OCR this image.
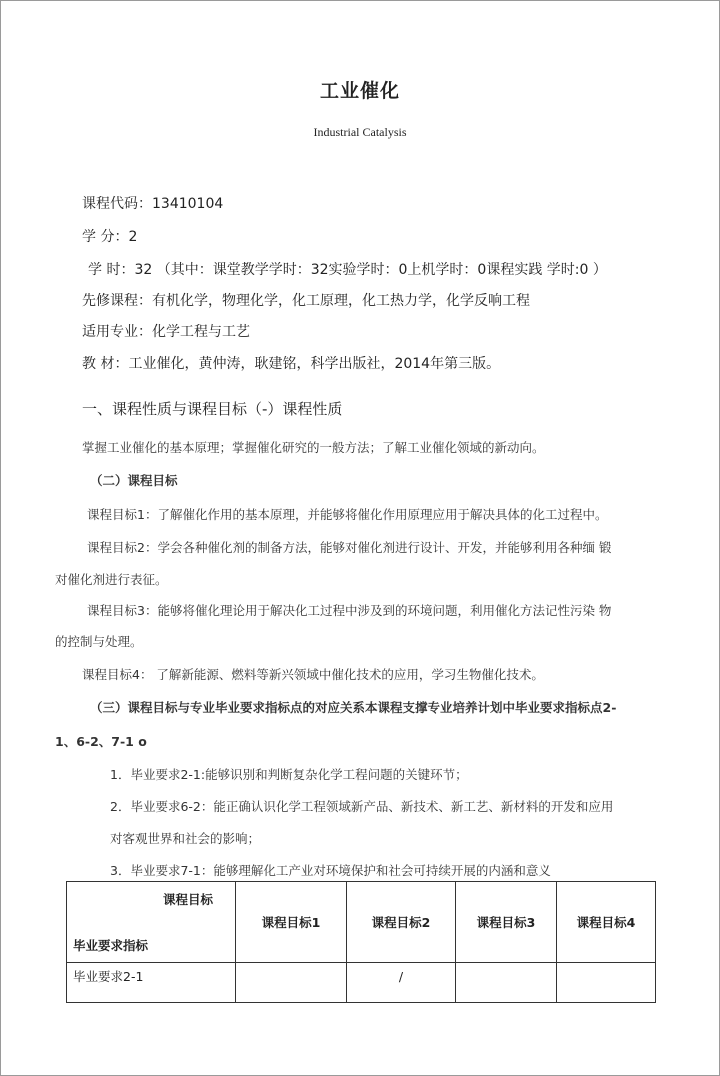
工业催化
Industrial Catalysis
课程代码：13410104
学 分：2
学 时：32 （其中：课堂教学学时：32实验学时：0上机学时：0课程实践 学时:0 ）
先修课程：有机化学，物理化学，化工原理，化工热力学，化学反响工程
适用专业：化学工程与工艺
教 材：工业催化，黄仲涛，耿建铭，科学出版社，2014年第三版。
一、课程性质与课程目标（-）课程性质
掌握工业催化的基本原理；掌握催化研究的一般方法；了解工业催化领域的新动向。
（二）课程目标
课程目标1：了解催化作用的基本原理，并能够将催化作用原理应用于解决具体的化工过程中。
课程目标2：学会各种催化剂的制备方法，能够对催化剂进行设计、开发，并能够利用各种缅 锻
对催化剂进行表征。
课程目标3：能够将催化理论用于解决化工过程中涉及到的环境问题，利用催化方法记性污染 物
的控制与处理。
课程目标4： 了解新能源、燃料等新兴领域中催化技术的应用，学习生物催化技术。
（三）课程目标与专业毕业要求指标点的对应关系本课程支撑专业培养计划中毕业要求指标点2-
1、6-2、7-1 o
1．毕业要求2-1:能够识别和判断复杂化学工程问题的关键环节；
2．毕业要求6-2：能正确认识化学工程领域新产品、新技术、新工艺、新材料的开发和应用
对客观世界和社会的影响；
3．毕业要求7-1：能够理解化工产业对环境保护和社会可持续开展的内涵和意义
课程目标
毕业要求指标	课程目标1	课程目标2	课程目标3	课程目标4
毕业要求2-1		/		
